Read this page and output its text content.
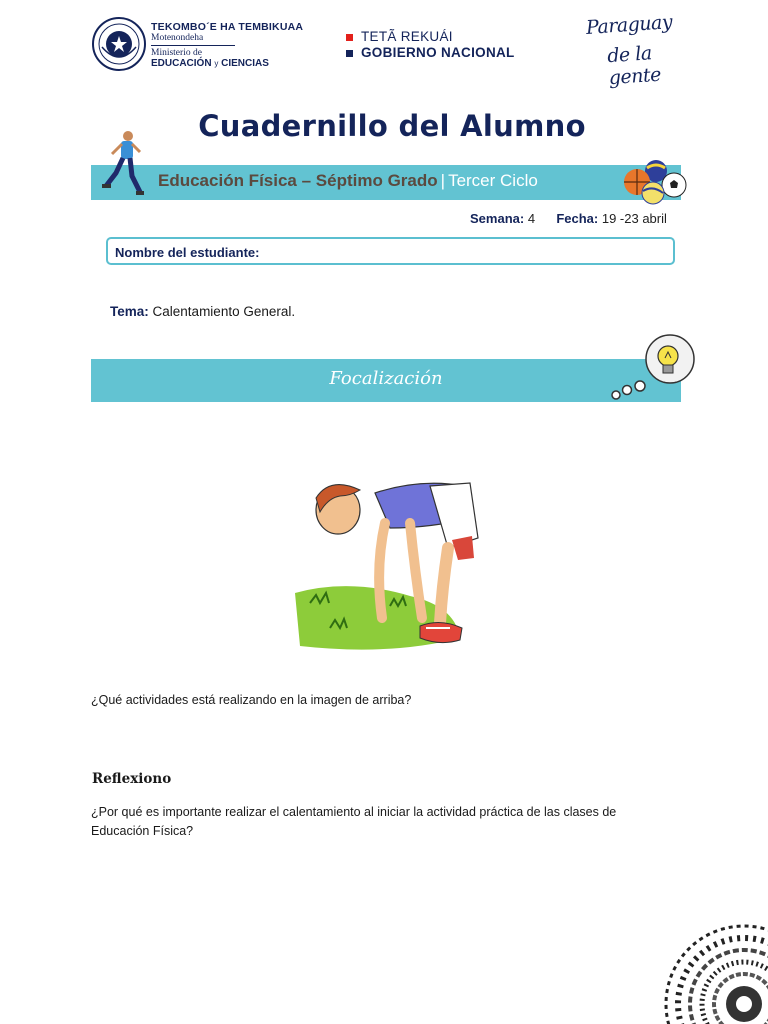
TEKOMBO´E HA TEMBIKUAA
Motenondeha
Ministerio de
EDUCACIÓN y CIENCIAS
TETÃ REKUÁI
GOBIERNO NACIONAL
Paraguay
de la gente
Cuadernillo del Alumno
Educación Física – Séptimo Grado | Tercer Ciclo
Semana: 4 Fecha: 19 -23 abril
Nombre del estudiante:
Tema: Calentamiento General.
Focalización
¿Qué actividades está realizando en la imagen de arriba?
Reflexiono
¿Por qué es importante realizar el calentamiento al iniciar la actividad práctica de las clases de Educación Física?
